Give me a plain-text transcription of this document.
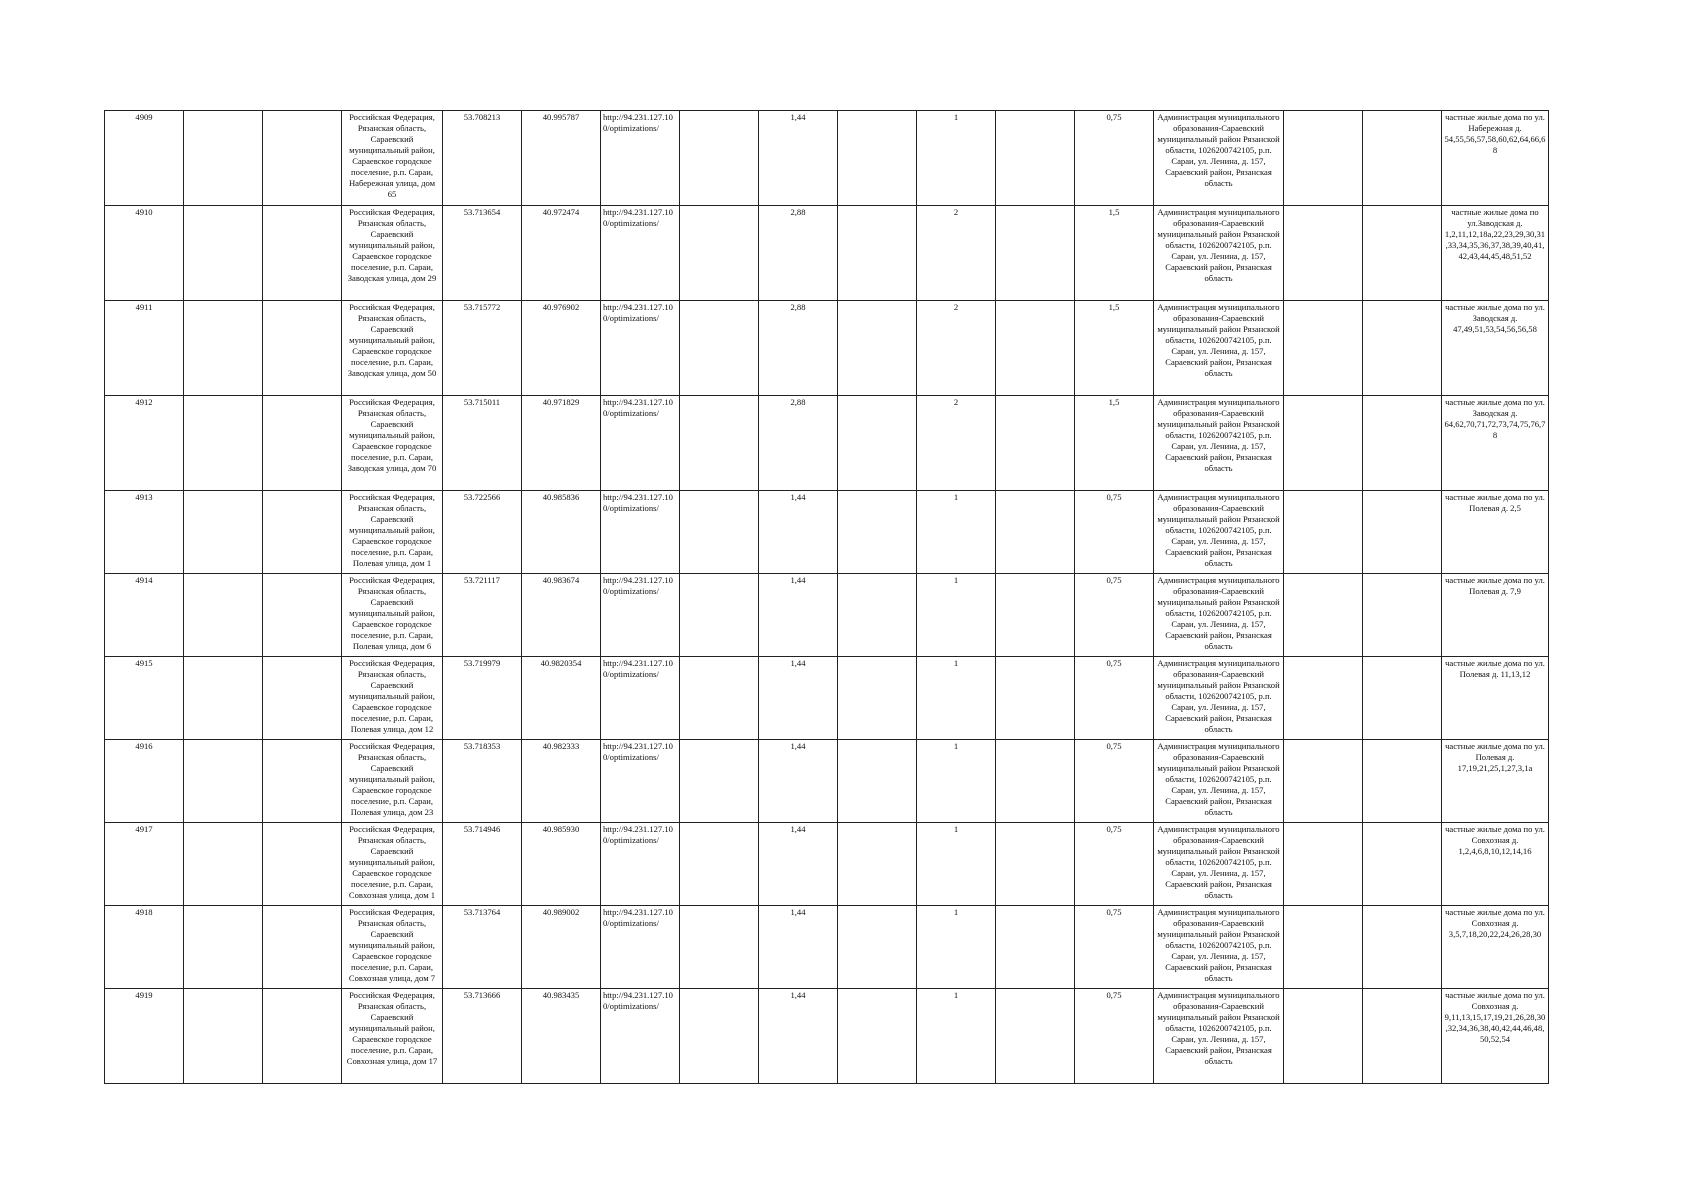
4909			Российская Федерация, Рязанская область, Сараевский муниципальный район, Сараевское городское поселение, р.п. Сараи, Набережная улица, дом 65	53.708213	40.995787	http://94.231.127.100/optimizations/		1,44		1		0,75	Администрация муниципального образования-Сараевский муниципальный район Рязанской области, 1026200742105, р.п. Сараи, ул. Ленина, д. 157, Сараевский район, Рязанская область			частные жилые дома по ул. Набережная д. 54,55,56,57,58,60,62,64,66,68
4910			Российская Федерация, Рязанская область, Сараевский муниципальный район, Сараевское городское поселение, р.п. Сараи, Заводская улица, дом 29	53.713654	40.972474	http://94.231.127.100/optimizations/		2,88		2		1,5	Администрация муниципального образования-Сараевский муниципальный район Рязанской области, 1026200742105, р.п. Сараи, ул. Ленина, д. 157, Сараевский район, Рязанская область			частные жилые дома по ул.Заводская д. 1,2,11,12,18а,22,23,29,30,31,33,34,35,36,37,38,39,40,41,42,43,44,45,48,51,52
4911			Российская Федерация, Рязанская область, Сараевский муниципальный район, Сараевское городское поселение, р.п. Сараи, Заводская улица, дом 50	53.715772	40.976902	http://94.231.127.100/optimizations/		2,88		2		1,5	Администрация муниципального образования-Сараевский муниципальный район Рязанской области, 1026200742105, р.п. Сараи, ул. Ленина, д. 157, Сараевский район, Рязанская область			частные жилые дома по ул. Заводская д. 47,49,51,53,54,56,56,58
4912			Российская Федерация, Рязанская область, Сараевский муниципальный район, Сараевское городское поселение, р.п. Сараи, Заводская улица, дом 70	53.715011	40.971829	http://94.231.127.100/optimizations/		2,88		2		1,5	Администрация муниципального образования-Сараевский муниципальный район Рязанской области, 1026200742105, р.п. Сараи, ул. Ленина, д. 157, Сараевский район, Рязанская область			частные жилые дома по ул. Заводская д. 64,62,70,71,72,73,74,75,76,78
4913			Российская Федерация, Рязанская область, Сараевский муниципальный район, Сараевское городское поселение, р.п. Сараи, Полевая улица, дом 1	53.722566	40.985836	http://94.231.127.100/optimizations/		1,44		1		0,75	Администрация муниципального образования-Сараевский муниципальный район Рязанской области, 1026200742105, р.п. Сараи, ул. Ленина, д. 157, Сараевский район, Рязанская область			частные жилые дома по ул. Полевая д. 2,5
4914			Российская Федерация, Рязанская область, Сараевский муниципальный район, Сараевское городское поселение, р.п. Сараи, Полевая улица, дом 6	53.721117	40.983674	http://94.231.127.100/optimizations/		1,44		1		0,75	Администрация муниципального образования-Сараевский муниципальный район Рязанской области, 1026200742105, р.п. Сараи, ул. Ленина, д. 157, Сараевский район, Рязанская область			частные жилые дома по ул. Полевая д. 7,9
4915			Российская Федерация, Рязанская область, Сараевский муниципальный район, Сараевское городское поселение, р.п. Сараи, Полевая улица, дом 12	53.719979	40.9820354	http://94.231.127.100/optimizations/		1,44		1		0,75	Администрация муниципального образования-Сараевский муниципальный район Рязанской области, 1026200742105, р.п. Сараи, ул. Ленина, д. 157, Сараевский район, Рязанская область			частные жилые дома по ул. Полевая д. 11,13,12
4916			Российская Федерация, Рязанская область, Сараевский муниципальный район, Сараевское городское поселение, р.п. Сараи, Полевая улица, дом 23	53.718353	40.982333	http://94.231.127.100/optimizations/		1,44		1		0,75	Администрация муниципального образования-Сараевский муниципальный район Рязанской области, 1026200742105, р.п. Сараи, ул. Ленина, д. 157, Сараевский район, Рязанская область			частные жилые дома по ул. Полевая д. 17,19,21,25,1,27,3,1а
4917			Российская Федерация, Рязанская область, Сараевский муниципальный район, Сараевское городское поселение, р.п. Сараи, Совхозная улица, дом 1	53.714946	40.985930	http://94.231.127.100/optimizations/		1,44		1		0,75	Администрация муниципального образования-Сараевский муниципальный район Рязанской области, 1026200742105, р.п. Сараи, ул. Ленина, д. 157, Сараевский район, Рязанская область			частные жилые дома по ул. Совхозная д. 1,2,4,6,8,10,12,14,16
4918			Российская Федерация, Рязанская область, Сараевский муниципальный район, Сараевское городское поселение, р.п. Сараи, Совхозная улица, дом 7	53.713764	40.989002	http://94.231.127.100/optimizations/		1,44		1		0,75	Администрация муниципального образования-Сараевский муниципальный район Рязанской области, 1026200742105, р.п. Сараи, ул. Ленина, д. 157, Сараевский район, Рязанская область			частные жилые дома по ул. Совхозная д. 3,5,7,18,20,22,24,26,28,30
4919			Российская Федерация, Рязанская область, Сараевский муниципальный район, Сараевское городское поселение, р.п. Сараи, Совхозная улица, дом 17	53.713666	40.983435	http://94.231.127.100/optimizations/		1,44		1		0,75	Администрация муниципального образования-Сараевский муниципальный район Рязанской области, 1026200742105, р.п. Сараи, ул. Ленина, д. 157, Сараевский район, Рязанская область			частные жилые дома по ул. Совхозная д. 9,11,13,15,17,19,21,26,28,30,32,34,36,38,40,42,44,46,48,50,52,54
